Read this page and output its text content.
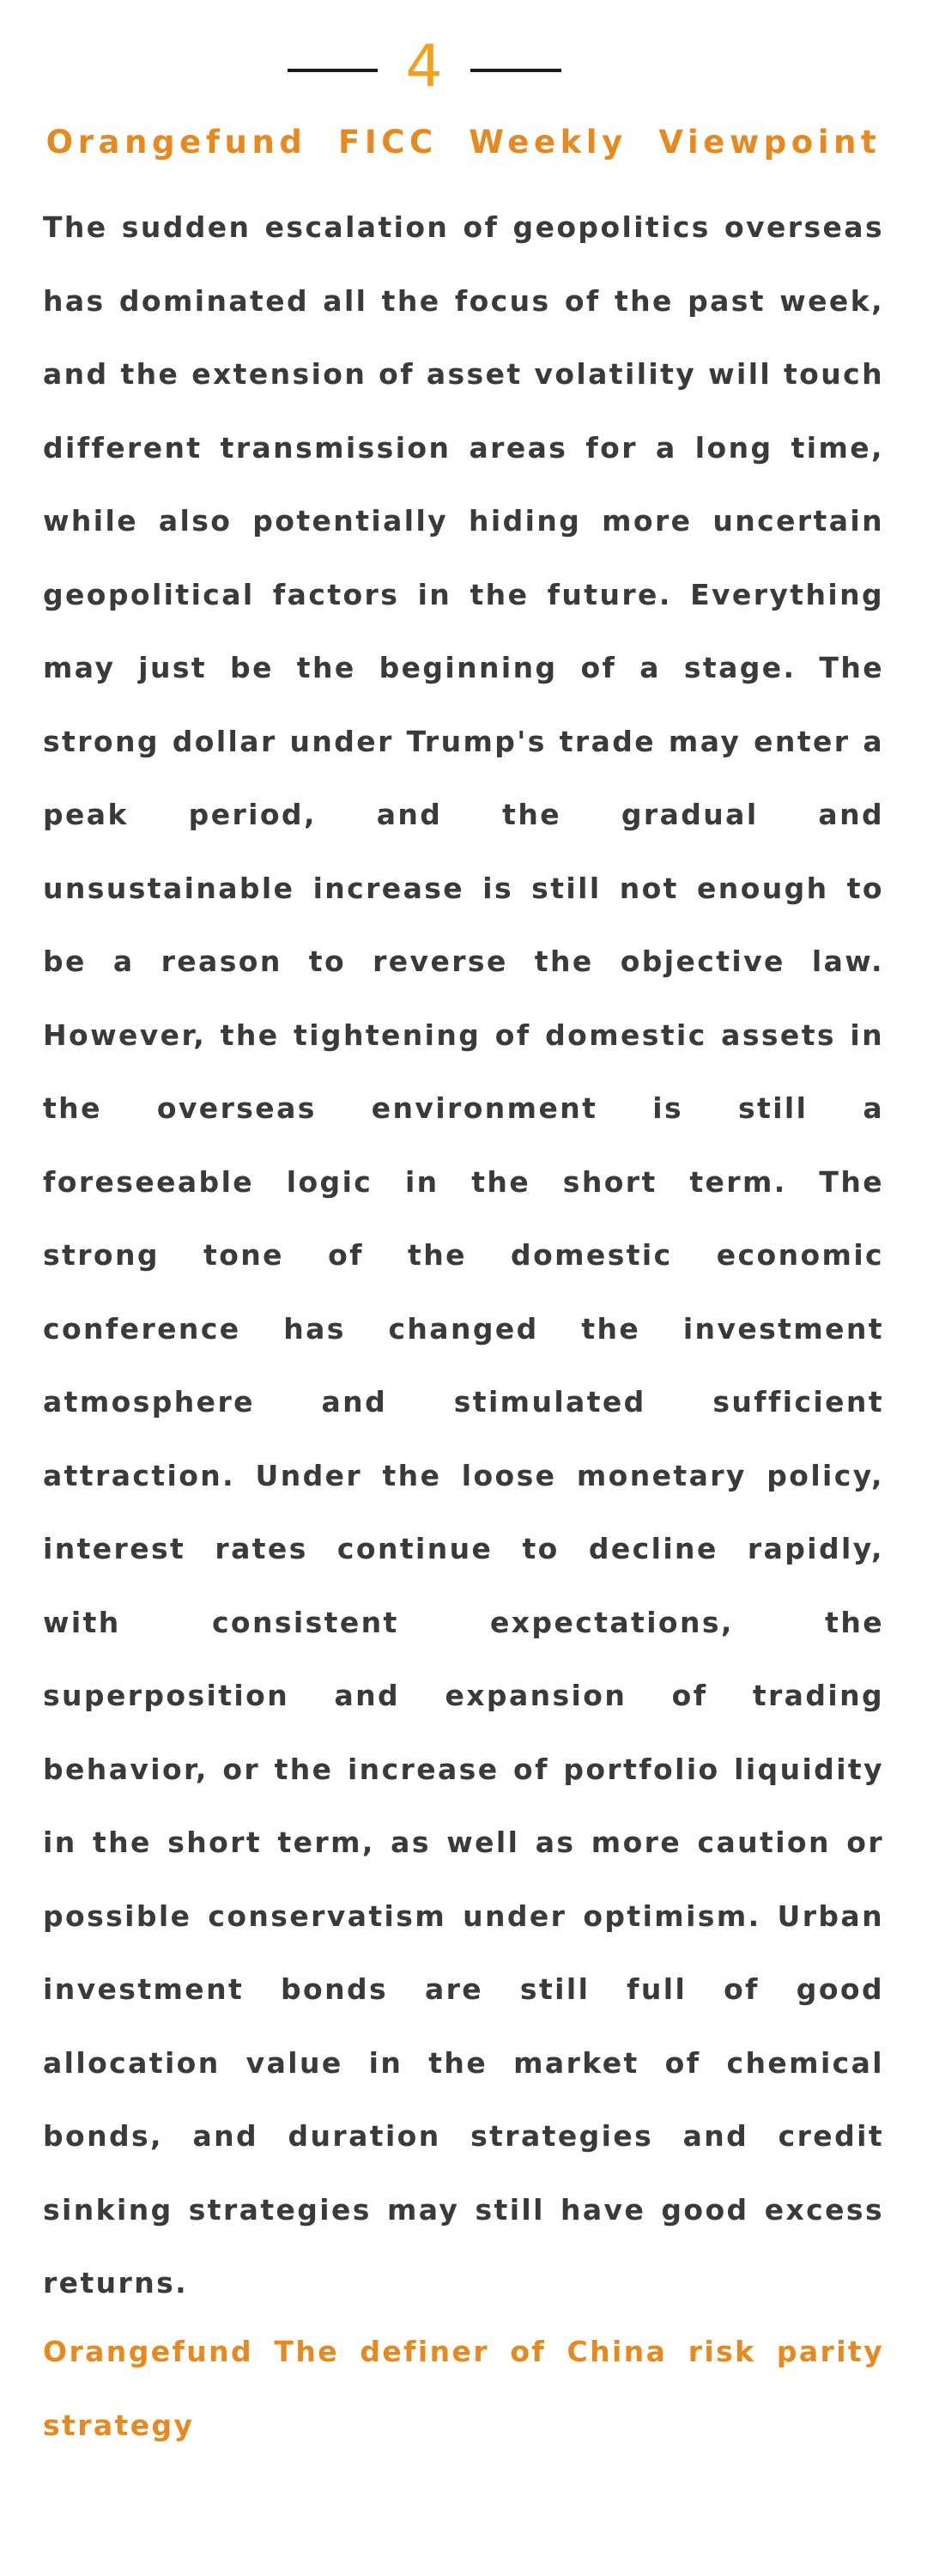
4
Orangefund FICC Weekly Viewpoint

The sudden escalation of geopolitics overseas has dominated all the focus of the past week, and the extension of asset volatility will touch different transmission areas for a long time, while also potentially hiding more uncertain geopolitical factors in the future. Everything may just be the beginning of a stage. The strong dollar under Trump's trade may enter a peak period, and the gradual and unsustainable increase is still not enough to be a reason to reverse the objective law. However, the tightening of domestic assets in the overseas environment is still a foreseeable logic in the short term. The strong tone of the domestic economic conference has changed the investment atmosphere and stimulated sufficient attraction. Under the loose monetary policy, interest rates continue to decline rapidly, with consistent expectations, the superposition and expansion of trading behavior, or the increase of portfolio liquidity in the short term, as well as more caution or possible conservatism under optimism. Urban investment bonds are still full of good allocation value in the market of chemical bonds, and duration strategies and credit sinking strategies may still have good excess returns.

Orangefund The definer of China risk parity strategy
